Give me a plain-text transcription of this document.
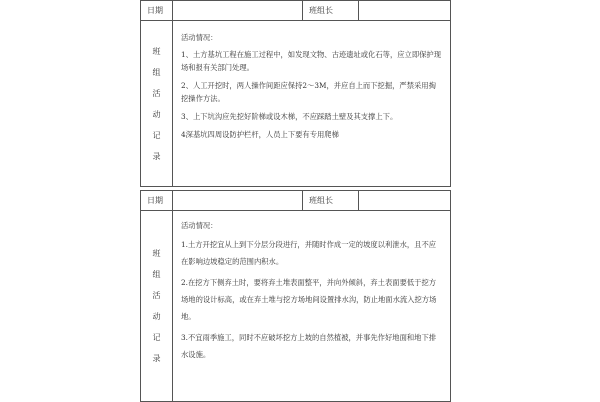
日期	班组长
班组活动记录

活动情况：

1、土方基坑工程在施工过程中，如发现文物、古迹遗址或化石等，应立即保护现场和报有关部门处理。

2、人工开挖时，两人操作间距应保持2～3M，并应自上而下挖掘，严禁采用掏挖操作方法。

3、上下坑沟应先挖好阶梯或设木梯，不应踩踏土壁及其支撑上下。

4深基坑四周设防护栏杆，人员上下要有专用爬梯

日期	班组长
班组活动记录

活动情况：

1.土方开挖宜从上到下分层分段进行，并随时作成一定的坡度以利泄水，且不应在影响边坡稳定的范围内积水。

2.在挖方下侧弃土时，要将弃土堆表面整平，并向外倾斜，弃土表面要低于挖方场地的设计标高，或在弃土堆与挖方场地间设置排水沟，防止地面水流入挖方场地。

3.不宜雨季施工，同时不应破坏挖方上坡的自然植被，并事先作好地面和地下排水设施。
